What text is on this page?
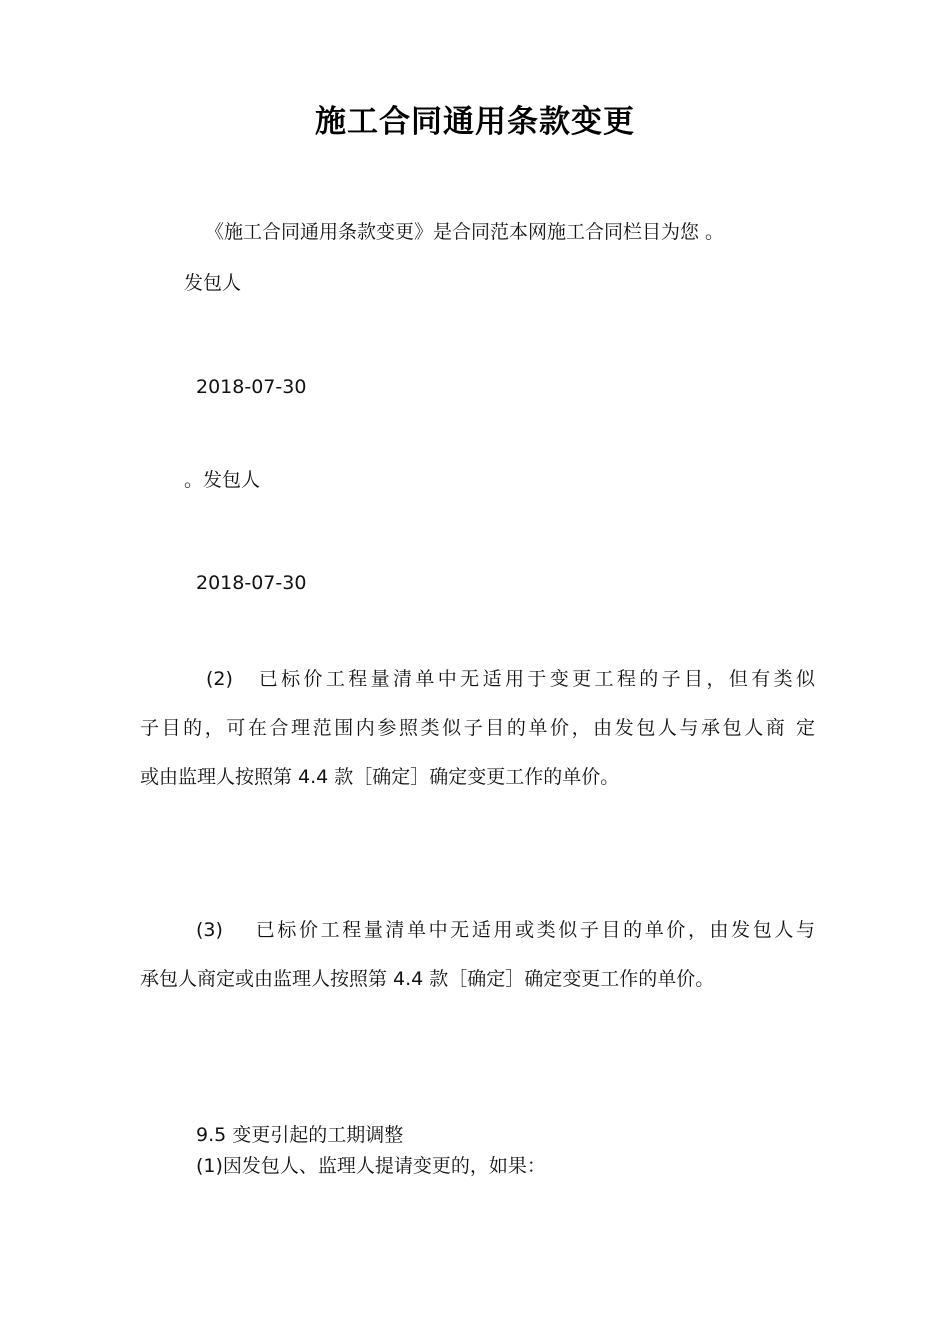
施工合同通用条款变更
《施工合同通用条款变更》是合同范本网施工合同栏目为您 。
发包人
2018-07-30
。发包人
2018-07-30
(2)　已标价工程量清单中无适用于变更工程的子目，但有类似
子目的，可在合理范围内参照类似子目的单价，由发包人与承包人商 定
或由监理人按照第 4.4 款［确定］确定变更工作的单价。
(3)　 已标价工程量清单中无适用或类似子目的单价，由发包人与
承包人商定或由监理人按照第 4.4 款［确定］确定变更工作的单价。
9.5 变更引起的工期调整
(1)因发包人、监理人提请变更的，如果：
